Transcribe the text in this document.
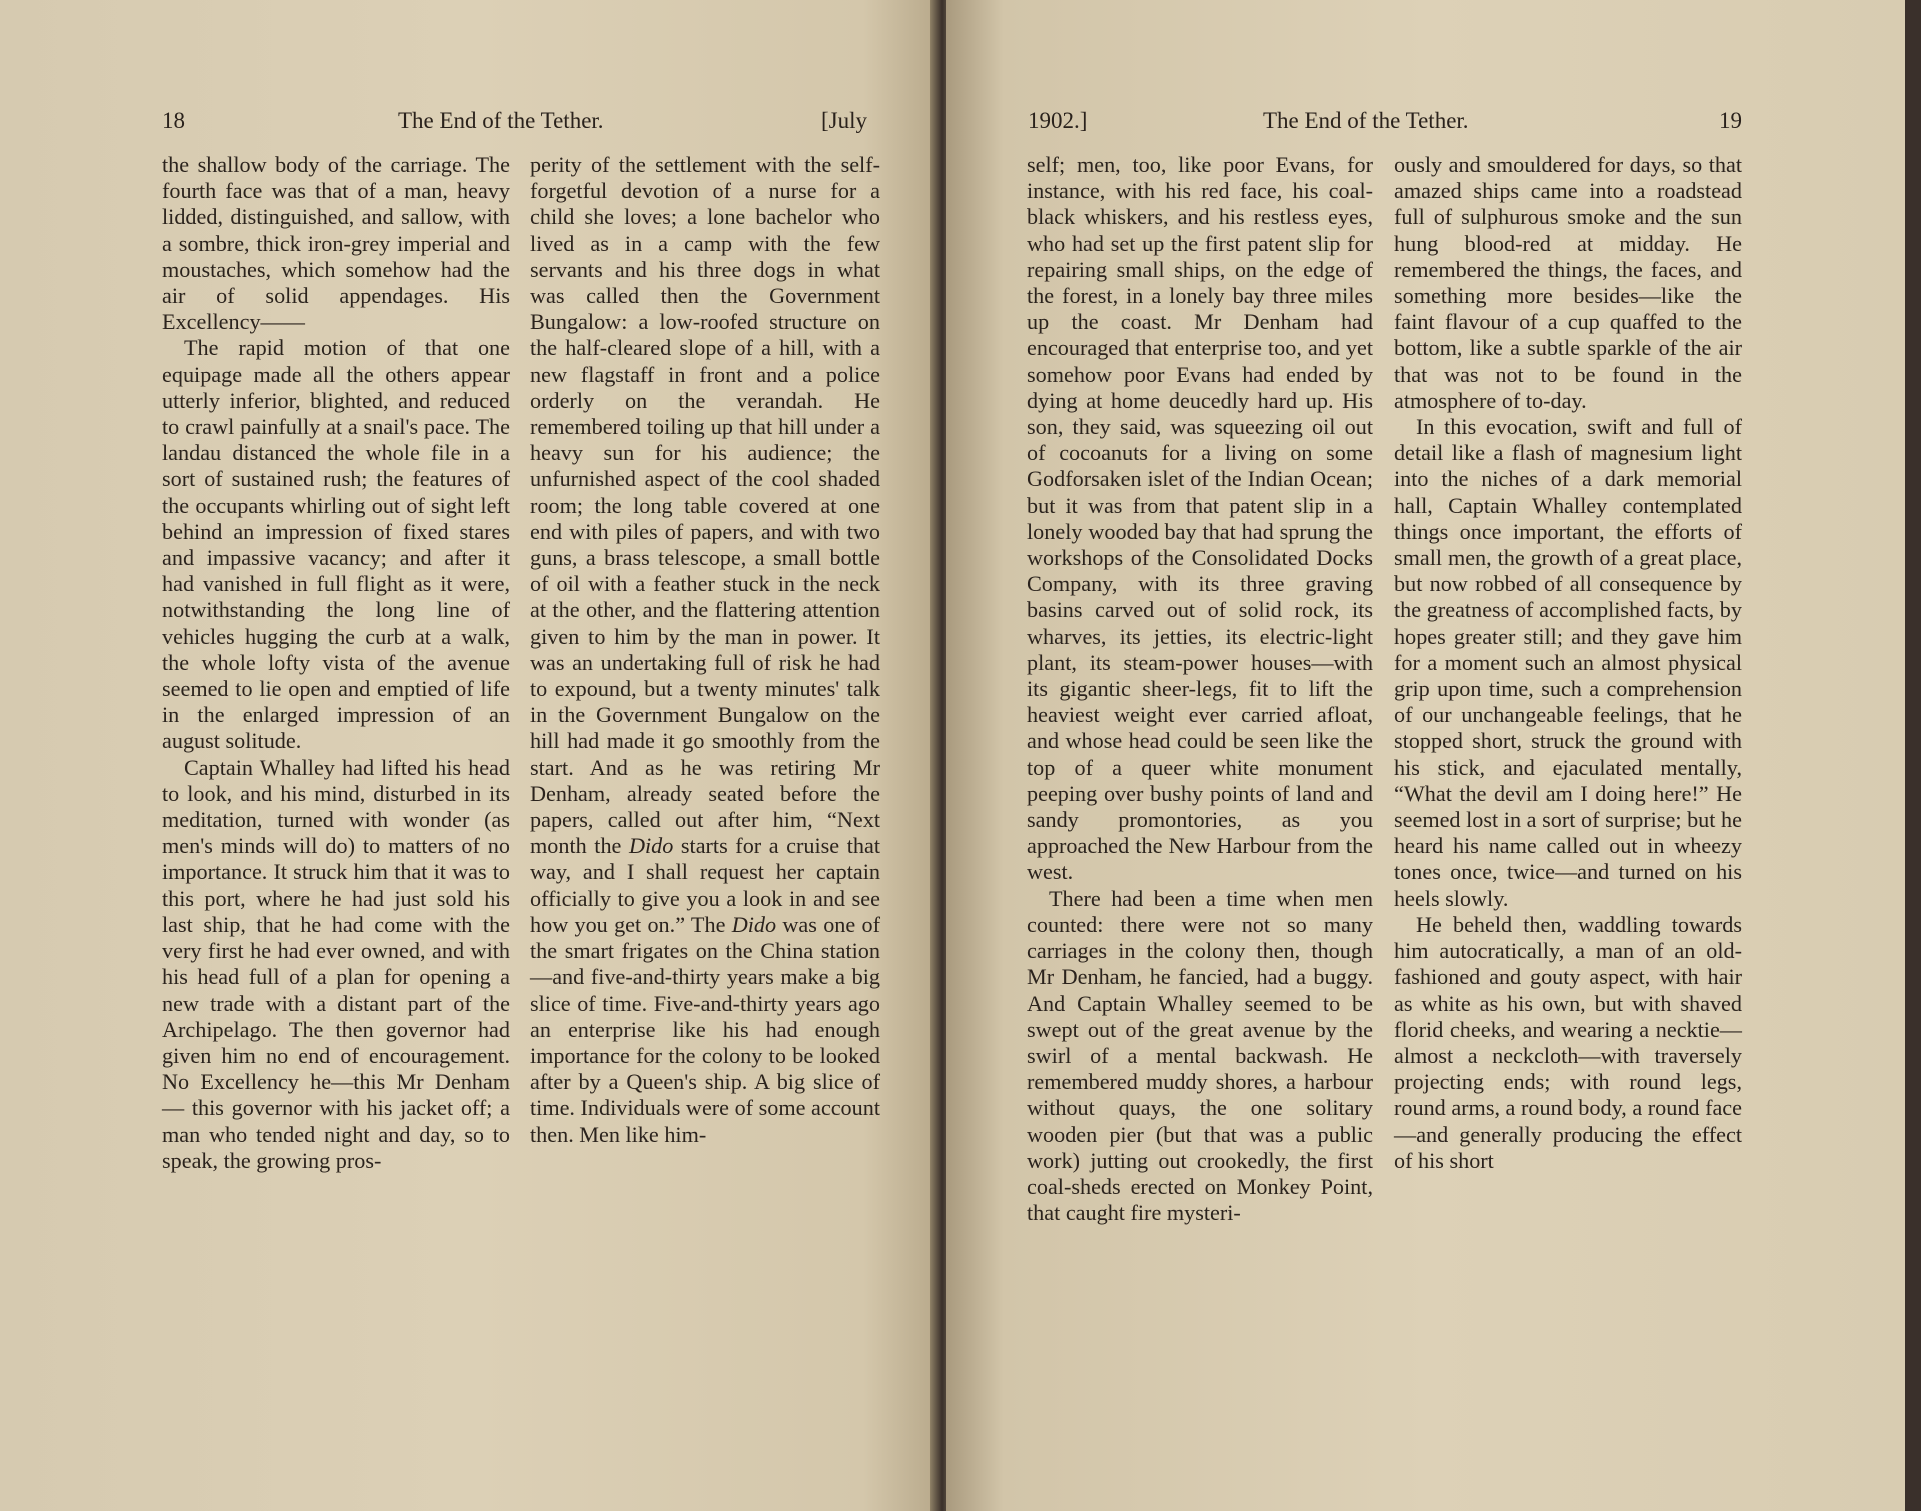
18	The End of the Tether.	[July

the shallow body of the carriage. The fourth face was that of a man, heavy lidded, distinguished, and sallow, with a sombre, thick iron-grey imperial and moustaches, which somehow had the air of solid appendages. His Excellency——

The rapid motion of that one equipage made all the others appear utterly inferior, blighted, and reduced to crawl painfully at a snail's pace. The landau distanced the whole file in a sort of sustained rush; the features of the occupants whirling out of sight left behind an impression of fixed stares and impassive vacancy; and after it had vanished in full flight as it were, notwithstanding the long line of vehicles hugging the curb at a walk, the whole lofty vista of the avenue seemed to lie open and emptied of life in the enlarged impression of an august solitude.

Captain Whalley had lifted his head to look, and his mind, disturbed in its meditation, turned with wonder (as men's minds will do) to matters of no importance. It struck him that it was to this port, where he had just sold his last ship, that he had come with the very first he had ever owned, and with his head full of a plan for opening a new trade with a distant part of the Archipelago. The then governor had given him no end of encouragement. No Excellency he—this Mr Denham — this governor with his jacket off; a man who tended night and day, so to speak, the growing pros-

perity of the settlement with the self-forgetful devotion of a nurse for a child she loves; a lone bachelor who lived as in a camp with the few servants and his three dogs in what was called then the Government Bungalow: a low-roofed structure on the half-cleared slope of a hill, with a new flagstaff in front and a police orderly on the verandah. He remembered toiling up that hill under a heavy sun for his audience; the unfurnished aspect of the cool shaded room; the long table covered at one end with piles of papers, and with two guns, a brass telescope, a small bottle of oil with a feather stuck in the neck at the other, and the flattering attention given to him by the man in power. It was an undertaking full of risk he had to expound, but a twenty minutes' talk in the Government Bungalow on the hill had made it go smoothly from the start. And as he was retiring Mr Denham, already seated before the papers, called out after him, “Next month the Dido starts for a cruise that way, and I shall request her captain officially to give you a look in and see how you get on.” The Dido was one of the smart frigates on the China station—and five-and-thirty years make a big slice of time. Five-and-thirty years ago an enterprise like his had enough importance for the colony to be looked after by a Queen's ship. A big slice of time. Individuals were of some account then. Men like him-

1902.]	The End of the Tether.	19

self; men, too, like poor Evans, for instance, with his red face, his coal-black whiskers, and his restless eyes, who had set up the first patent slip for repairing small ships, on the edge of the forest, in a lonely bay three miles up the coast. Mr Denham had encouraged that enterprise too, and yet somehow poor Evans had ended by dying at home deucedly hard up. His son, they said, was squeezing oil out of cocoanuts for a living on some Godforsaken islet of the Indian Ocean; but it was from that patent slip in a lonely wooded bay that had sprung the workshops of the Consolidated Docks Company, with its three graving basins carved out of solid rock, its wharves, its jetties, its electric-light plant, its steam-power houses—with its gigantic sheer-legs, fit to lift the heaviest weight ever carried afloat, and whose head could be seen like the top of a queer white monument peeping over bushy points of land and sandy promontories, as you approached the New Harbour from the west.

There had been a time when men counted: there were not so many carriages in the colony then, though Mr Denham, he fancied, had a buggy. And Captain Whalley seemed to be swept out of the great avenue by the swirl of a mental backwash. He remembered muddy shores, a harbour without quays, the one solitary wooden pier (but that was a public work) jutting out crookedly, the first coal-sheds erected on Monkey Point, that caught fire mysteri-

ously and smouldered for days, so that amazed ships came into a roadstead full of sulphurous smoke and the sun hung blood-red at midday. He remembered the things, the faces, and something more besides—like the faint flavour of a cup quaffed to the bottom, like a subtle sparkle of the air that was not to be found in the atmosphere of to-day.

In this evocation, swift and full of detail like a flash of magnesium light into the niches of a dark memorial hall, Captain Whalley contemplated things once important, the efforts of small men, the growth of a great place, but now robbed of all consequence by the greatness of accomplished facts, by hopes greater still; and they gave him for a moment such an almost physical grip upon time, such a comprehension of our unchangeable feelings, that he stopped short, struck the ground with his stick, and ejaculated mentally, “What the devil am I doing here!” He seemed lost in a sort of surprise; but he heard his name called out in wheezy tones once, twice—and turned on his heels slowly.

He beheld then, waddling towards him autocratically, a man of an old-fashioned and gouty aspect, with hair as white as his own, but with shaved florid cheeks, and wearing a necktie—almost a neckcloth—with traversely projecting ends; with round legs, round arms, a round body, a round face—and generally producing the effect of his short
